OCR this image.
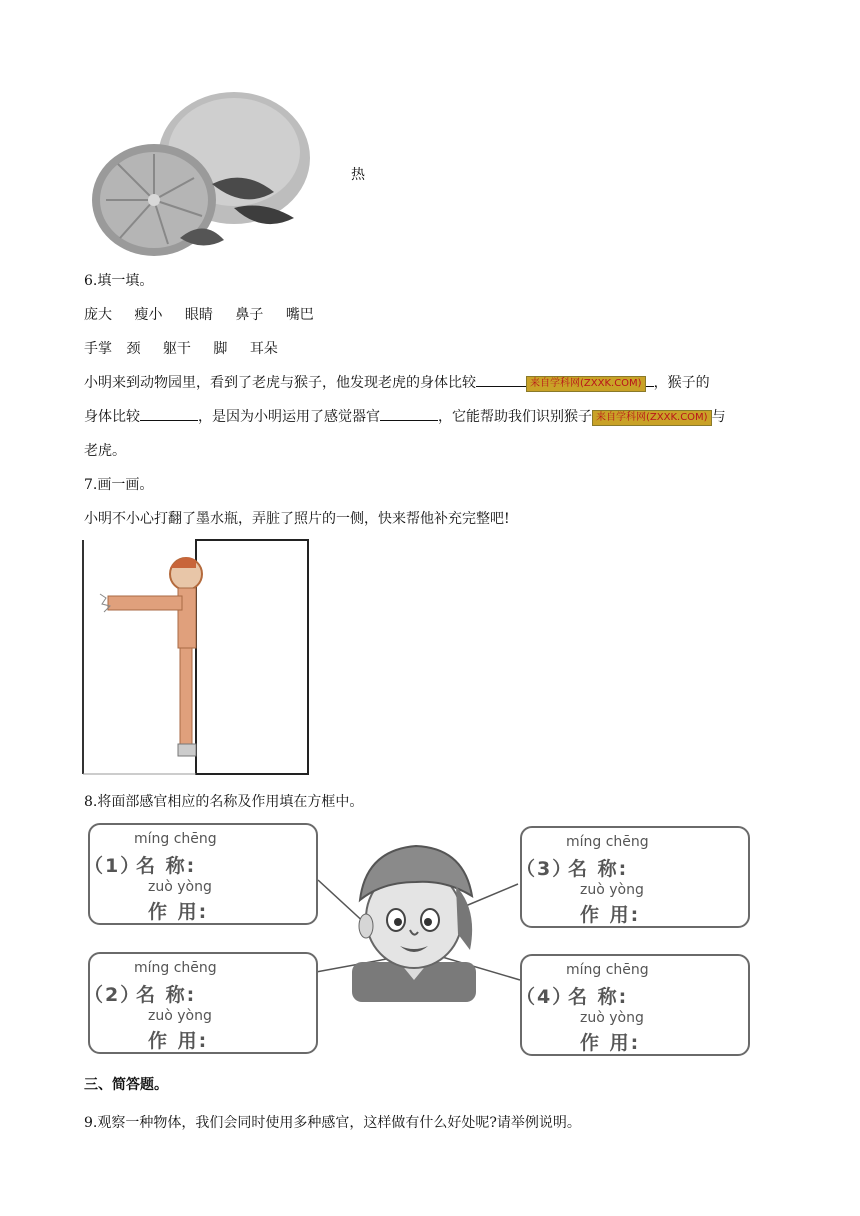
热
6.填一填。
庞大 瘦小 眼睛 鼻子 嘴巴
手掌 颈 躯干 脚 耳朵
小明来到动物园里，看到了老虎与猴子，他发现老虎的身体比较	来自学科网(ZXXK.COM) ，猴子的
身体比较	，是因为小明运用了感觉器官	，它能帮助我们识别猴子 来自学科网(ZXXK.COM) 与
老虎。
7.画一画。
小明不小心打翻了墨水瓶，弄脏了照片的一侧，快来帮他补充完整吧!
8.将面部感官相应的名称及作用填在方框中。
míng chēng
（1）
名 称:
zuò yòng
作 用:
míng chēng
（2）
名 称:
zuò yòng
作 用:
míng chēng
（3）
名 称:
zuò yòng
作 用:
míng chēng
（4）
名 称:
zuò yòng
作 用:
三、简答题。
9.观察一种物体，我们会同时使用多种感官，这样做有什么好处呢?请举例说明。
